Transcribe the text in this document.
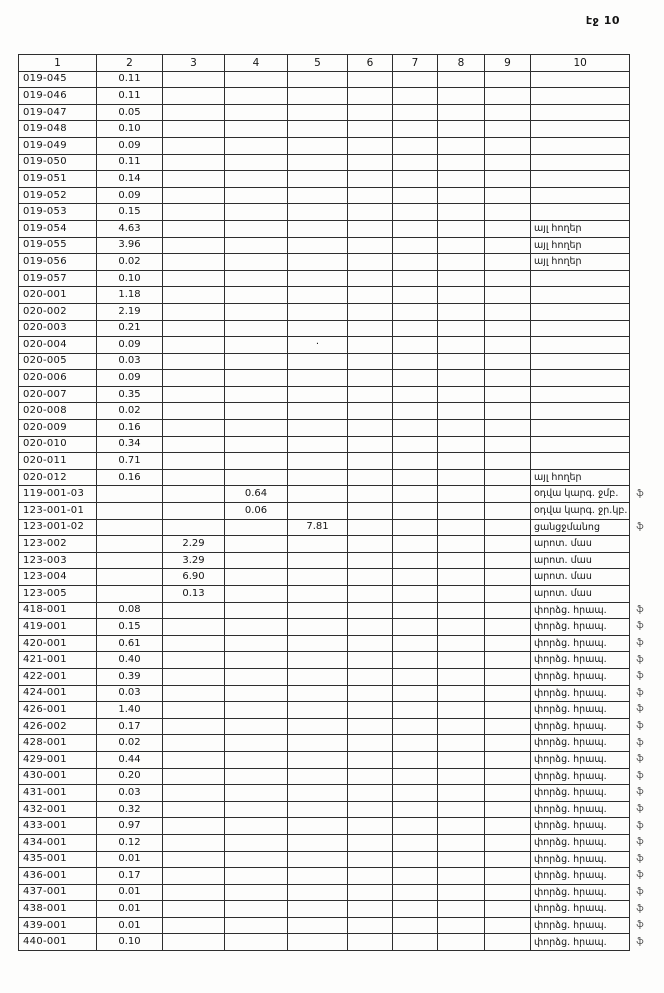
էջ 10
1	2	3	4	5	6	7	8	9	10	
019-045	0.11									
019-046	0.11									
019-047	0.05									
019-048	0.10									
019-049	0.09									
019-050	0.11									
019-051	0.14									
019-052	0.09									
019-053	0.15									
019-054	4.63								այլ հողեր	
019-055	3.96								այլ հողեր	
019-056	0.02								այլ հողեր	
019-057	0.10									
020-001	1.18									
020-002	2.19									
020-003	0.21									
020-004	0.09			·						
020-005	0.03									
020-006	0.09									
020-007	0.35									
020-008	0.02									
020-009	0.16									
020-010	0.34									
020-011	0.71									
020-012	0.16								այլ հողեր	
119-001-03			0.64						օդվա կարգ. ջմբ.	ֆ
123-001-01			0.06						օդվա կարգ. ջր.կբ.	
123-001-02				7.81					ցանցջմանոց	ֆ
123-002		2.29							արոտ. մաս	
123-003		3.29							արոտ. մաս	
123-004		6.90							արոտ. մաս	
123-005		0.13							արոտ. մաս	
418-001	0.08								փորձց. հրապ.	ֆ
419-001	0.15								փորձց. հրապ.	ֆ
420-001	0.61								փորձց. հրապ.	ֆ
421-001	0.40								փորձց. հրապ.	ֆ
422-001	0.39								փորձց. հրապ.	ֆ
424-001	0.03								փորձց. հրապ.	ֆ
426-001	1.40								փորձց. հրապ.	ֆ
426-002	0.17								փորձց. հրապ.	ֆ
428-001	0.02								փորձց. հրապ.	ֆ
429-001	0.44								փորձց. հրապ.	ֆ
430-001	0.20								փորձց. հրապ.	ֆ
431-001	0.03								փորձց. հրապ.	ֆ
432-001	0.32								փորձց. հրապ.	ֆ
433-001	0.97								փորձց. հրապ.	ֆ
434-001	0.12								փորձց. հրապ.	ֆ
435-001	0.01								փորձց. հրապ.	ֆ
436-001	0.17								փորձց. հրապ.	ֆ
437-001	0.01								փորձց. հրապ.	ֆ
438-001	0.01								փորձց. հրապ.	ֆ
439-001	0.01								փորձց. հրապ.	ֆ
440-001	0.10								փորձց. հրապ.	ֆ
